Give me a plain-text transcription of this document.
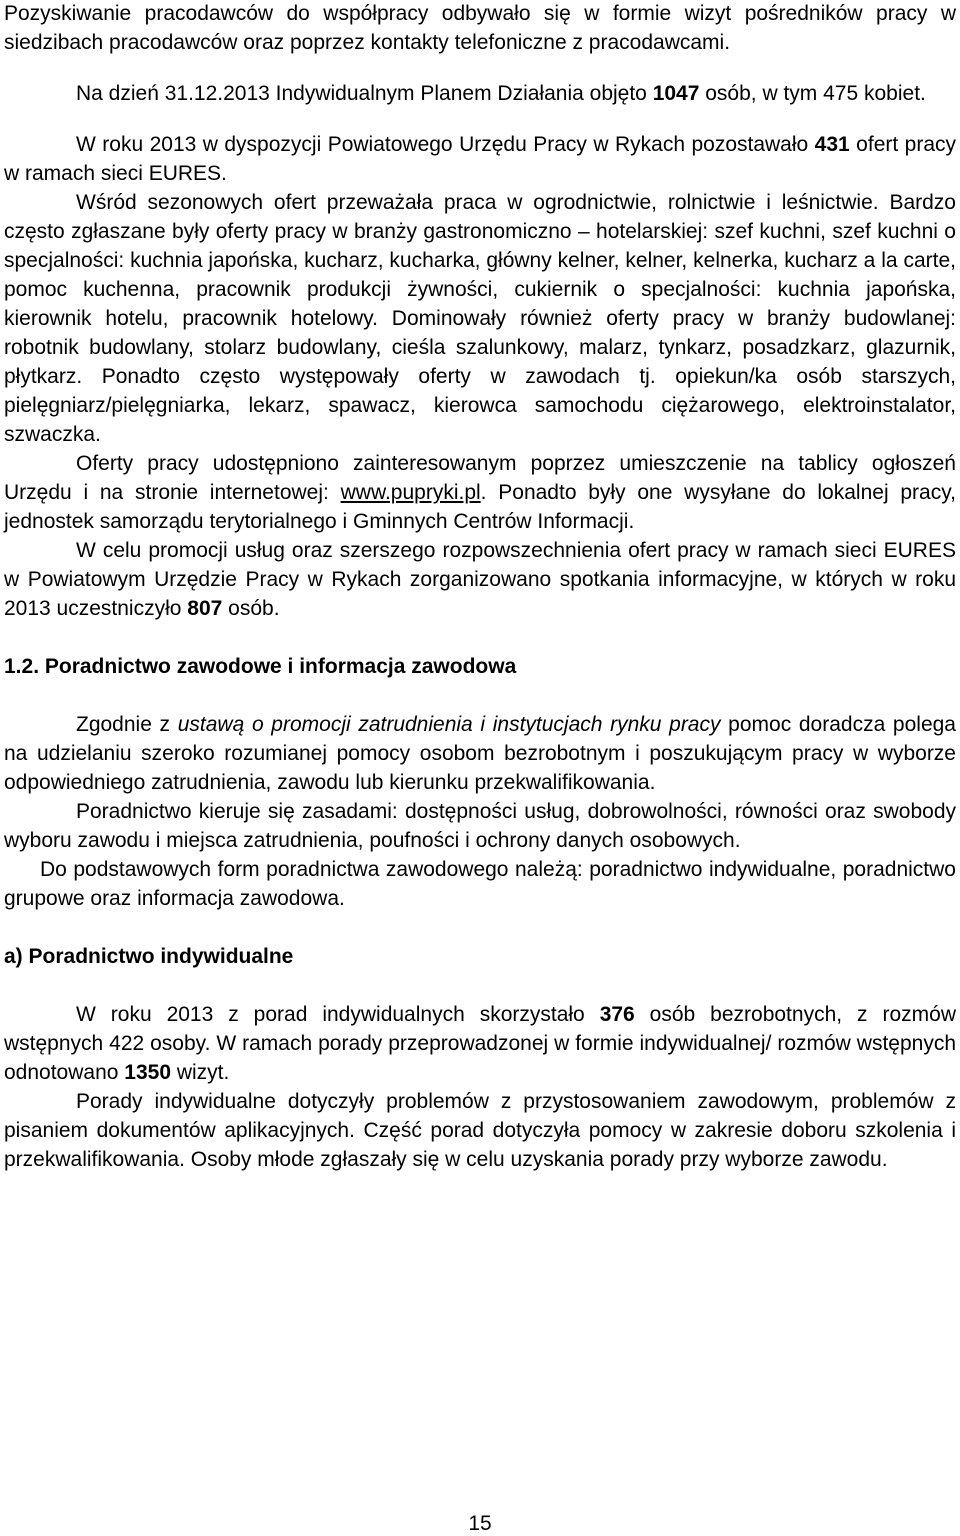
Pozyskiwanie pracodawców do współpracy odbywało się w formie wizyt pośredników pracy w siedzibach pracodawców oraz poprzez kontakty telefoniczne z pracodawcami.

Na dzień 31.12.2013 Indywidualnym Planem Działania objęto 1047 osób, w tym 475 kobiet.

W roku 2013 w dyspozycji Powiatowego Urzędu Pracy w Rykach pozostawało 431 ofert pracy w ramach sieci EURES.

Wśród sezonowych ofert przeważała praca w ogrodnictwie, rolnictwie i leśnictwie. Bardzo często zgłaszane były oferty pracy w branży gastronomiczno – hotelarskiej: szef kuchni, szef kuchni o specjalności: kuchnia japońska, kucharz, kucharka, główny kelner, kelner, kelnerka, kucharz a la carte, pomoc kuchenna, pracownik produkcji żywności, cukiernik o specjalności: kuchnia japońska, kierownik hotelu, pracownik hotelowy. Dominowały również oferty pracy w branży budowlanej: robotnik budowlany, stolarz budowlany, cieśla szalunkowy, malarz, tynkarz, posadzkarz, glazurnik, płytkarz. Ponadto często występowały oferty w zawodach tj. opiekun/ka osób starszych, pielęgniarz/pielęgniarka, lekarz, spawacz, kierowca samochodu ciężarowego, elektroinstalator, szwaczka.

Oferty pracy udostępniono zainteresowanym poprzez umieszczenie na tablicy ogłoszeń Urzędu i na stronie internetowej: www.pupryki.pl. Ponadto były one wysyłane do lokalnej pracy, jednostek samorządu terytorialnego i Gminnych Centrów Informacji.

W celu promocji usług oraz szerszego rozpowszechnienia ofert pracy w ramach sieci EURES w Powiatowym Urzędzie Pracy w Rykach zorganizowano spotkania informacyjne, w których w roku 2013 uczestniczyło 807 osób.

1.2. Poradnictwo zawodowe i informacja zawodowa

Zgodnie z ustawą o promocji zatrudnienia i instytucjach rynku pracy pomoc doradcza polega na udzielaniu szeroko rozumianej pomocy osobom bezrobotnym i poszukującym pracy w wyborze odpowiedniego zatrudnienia, zawodu lub kierunku przekwalifikowania.

Poradnictwo kieruje się zasadami: dostępności usług, dobrowolności, równości oraz swobody wyboru zawodu i miejsca zatrudnienia, poufności i ochrony danych osobowych.

Do podstawowych form poradnictwa zawodowego należą: poradnictwo indywidualne, poradnictwo grupowe oraz informacja zawodowa.

a) Poradnictwo indywidualne

W roku 2013 z porad indywidualnych skorzystało 376 osób bezrobotnych, z rozmów wstępnych 422 osoby. W ramach porady przeprowadzonej w formie indywidualnej/ rozmów wstępnych odnotowano 1350 wizyt.

Porady indywidualne dotyczyły problemów z przystosowaniem zawodowym, problemów z pisaniem dokumentów aplikacyjnych. Część porad dotyczyła pomocy w zakresie doboru szkolenia i przekwalifikowania. Osoby młode zgłaszały się w celu uzyskania porady przy wyborze zawodu.

15
